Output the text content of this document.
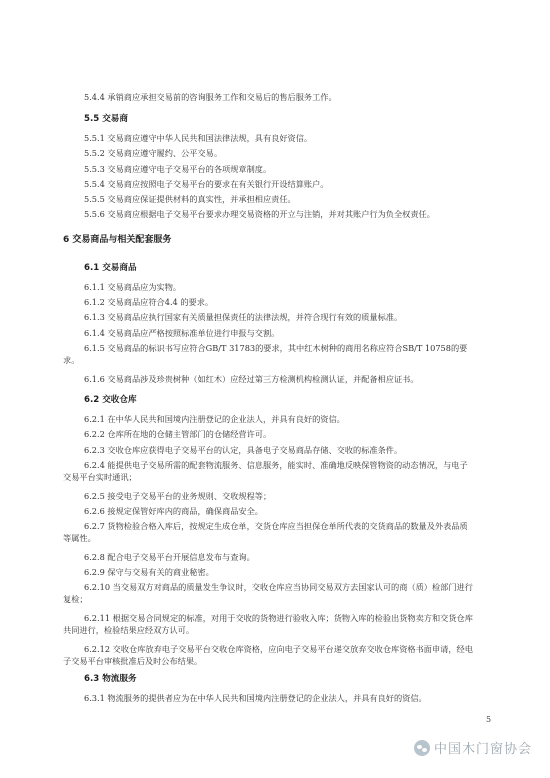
5.4.4 承销商应承担交易前的咨询服务工作和交易后的售后服务工作。
5.5 交易商
5.5.1 交易商应遵守中华人民共和国法律法规，具有良好资信。
5.5.2 交易商应遵守履约、公平交易。
5.5.3 交易商应遵守电子交易平台的各项规章制度。
5.5.4 交易商应按照电子交易平台的要求在有关银行开设结算账户。
5.5.5 交易商应保证提供材料的真实性，并承担相应责任。
5.5.6 交易商应根据电子交易平台要求办理交易资格的开立与注销，并对其账户行为负全权责任。
6 交易商品与相关配套服务
6.1 交易商品
6.1.1 交易商品应为实物。
6.1.2 交易商品应符合4.4 的要求。
6.1.3 交易商品应执行国家有关质量担保责任的法律法规，并符合现行有效的质量标准。
6.1.4 交易商品应严格按照标准单位进行申报与交割。
6.1.5 交易商品的标识书写应符合GB/T 31783的要求，其中红木树种的商用名称应符合SB/T 10758的要求。
6.1.6 交易商品涉及珍贵树种（如红木）应经过第三方检测机构检测认证，并配备相应证书。
6.2 交收仓库
6.2.1 在中华人民共和国境内注册登记的企业法人，并具有良好的资信。
6.2.2 仓库所在地的仓储主管部门的仓储经营许可。
6.2.3 交收仓库应获得电子交易平台的认定，具备电子交易商品存储、交收的标准条件。
6.2.4 能提供电子交易所需的配套物流服务、信息服务，能实时、准确地反映保管物资的动态情况，与电子交易平台实时通讯；
6.2.5 接受电子交易平台的业务规则、交收规程等；
6.2.6 接规定保管好库内的商品，确保商品安全。
6.2.7 货物检验合格入库后，按规定生成仓单，交货仓库应当担保仓单所代表的交货商品的数量及外表品质等属性。
6.2.8 配合电子交易平台开展信息发布与查询。
6.2.9 保守与交易有关的商业秘密。
6.2.10 当交易双方对商品的质量发生争议时，交收仓库应当协同交易双方去国家认可的商（质）检部门进行复检；
6.2.11 根据交易合同规定的标准，对用于交收的货物进行验收入库；货物入库的检验出货物卖方和交货仓库共同进行，检验结果应经双方认可。
6.2.12 交收仓库放弃电子交易平台交收仓库资格，应向电子交易平台递交放弃交收仓库资格书面申请，经电子交易平台审核批准后及时公布结果。
6.3 物流服务
6.3.1 物流服务的提供者应为在中华人民共和国境内注册登记的企业法人，并具有良好的资信。
5
中国木门窗协会
